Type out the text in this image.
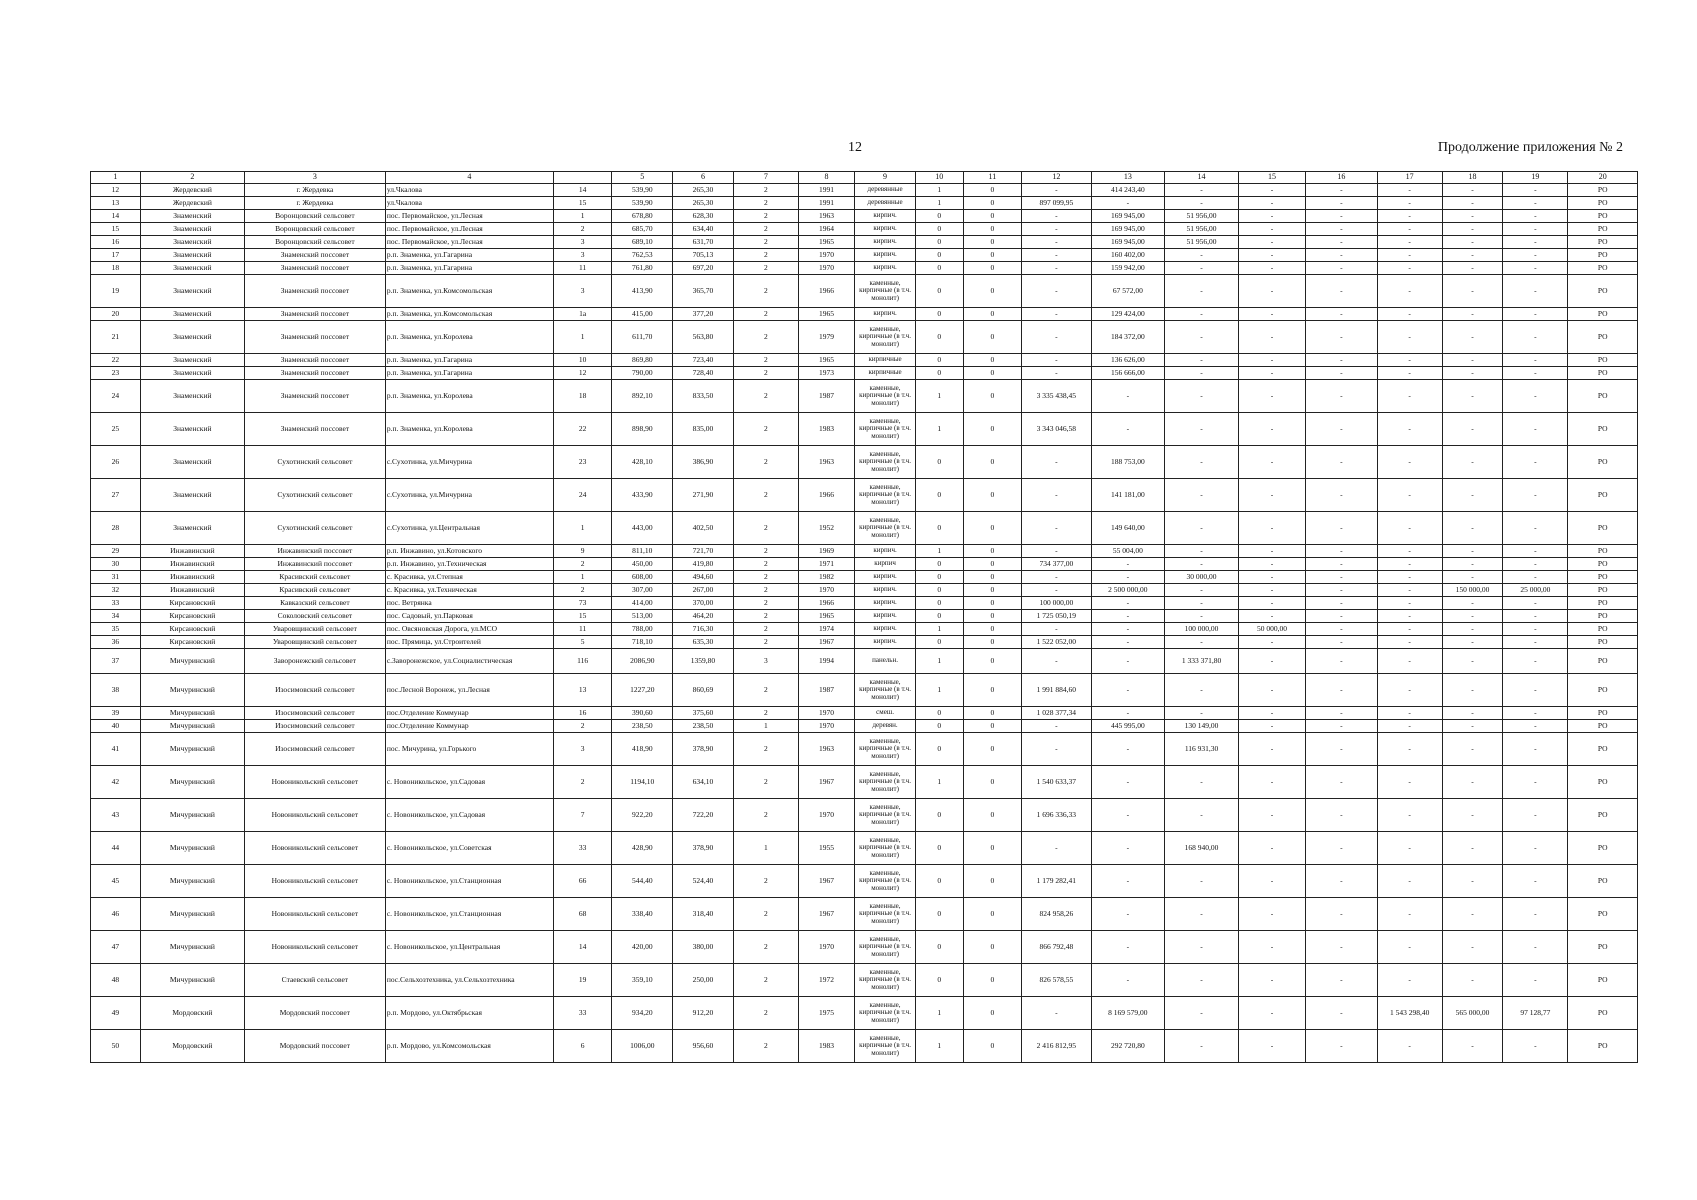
12	Продолжение приложения № 2
1	2	3	4		5	6	7	8	9	10	11	12	13	14	15	16	17	18	19	20
12	Жердевский	г. Жердевка	ул.Чкалова	14	539,90	265,30	2	1991	деревянные	1	0	-	414 243,40	-	-	-	-	-	-	РО
13	Жердевский	г. Жердевка	ул.Чкалова	15	539,90	265,30	2	1991	деревянные	1	0	897 099,95	-	-	-	-	-	-	-	РО
14	Знаменский	Воронцовский сельсовет	пос. Первомайское, ул.Лесная	1	678,80	628,30	2	1963	кирпич.	0	0	-	169 945,00	51 956,00	-	-	-	-	-	РО
15	Знаменский	Воронцовский сельсовет	пос. Первомайское, ул.Лесная	2	685,70	634,40	2	1964	кирпич.	0	0	-	169 945,00	51 956,00	-	-	-	-	-	РО
16	Знаменский	Воронцовский сельсовет	пос. Первомайское, ул.Лесная	3	689,10	631,70	2	1965	кирпич.	0	0	-	169 945,00	51 956,00	-	-	-	-	-	РО
17	Знаменский	Знаменский поссовет	р.п. Знаменка, ул.Гагарина	3	762,53	705,13	2	1970	кирпич.	0	0	-	160 402,00	-	-	-	-	-	-	РО
18	Знаменский	Знаменский поссовет	р.п. Знаменка, ул.Гагарина	11	761,80	697,20	2	1970	кирпич.	0	0	-	159 942,00	-	-	-	-	-	-	РО
19	Знаменский	Знаменский поссовет	р.п. Знаменка, ул.Комсомольская	3	413,90	365,70	2	1966	каменные, кирпичные (в т.ч. монолит)	0	0	-	67 572,00	-	-	-	-	-	-	РО
20	Знаменский	Знаменский поссовет	р.п. Знаменка, ул.Комсомольская	1а	415,00	377,20	2	1965	кирпич.	0	0	-	129 424,00	-	-	-	-	-	-	РО
21	Знаменский	Знаменский поссовет	р.п. Знаменка, ул.Королева	1	611,70	563,80	2	1979	каменные, кирпичные (в т.ч. монолит)	0	0	-	184 372,00	-	-	-	-	-	-	РО
22	Знаменский	Знаменский поссовет	р.п. Знаменка, ул.Гагарина	10	869,80	723,40	2	1965	кирпичные	0	0	-	136 626,00	-	-	-	-	-	-	РО
23	Знаменский	Знаменский поссовет	р.п. Знаменка, ул.Гагарина	12	790,00	728,40	2	1973	кирпичные	0	0	-	156 666,00	-	-	-	-	-	-	РО
24	Знаменский	Знаменский поссовет	р.п. Знаменка, ул.Королева	18	892,10	833,50	2	1987	каменные, кирпичные (в т.ч. монолит)	1	0	3 335 438,45	-	-	-	-	-	-	-	РО
25	Знаменский	Знаменский поссовет	р.п. Знаменка, ул.Королева	22	898,90	835,00	2	1983	каменные, кирпичные (в т.ч. монолит)	1	0	3 343 046,58	-	-	-	-	-	-	-	РО
26	Знаменский	Сухотинский сельсовет	с.Сухотинка, ул.Мичурина	23	428,10	386,90	2	1963	каменные, кирпичные (в т.ч. монолит)	0	0	-	188 753,00	-	-	-	-	-	-	РО
27	Знаменский	Сухотинский сельсовет	с.Сухотинка, ул.Мичурина	24	433,90	271,90	2	1966	каменные, кирпичные (в т.ч. монолит)	0	0	-	141 181,00	-	-	-	-	-	-	РО
28	Знаменский	Сухотинский сельсовет	с.Сухотинка, ул.Центральная	1	443,00	402,50	2	1952	каменные, кирпичные (в т.ч. монолит)	0	0	-	149 640,00	-	-	-	-	-	-	РО
29	Инжавинский	Инжавинский поссовет	р.п. Инжавино, ул.Котовского	9	811,10	721,70	2	1969	кирпич.	1	0	-	55 004,00	-	-	-	-	-	-	РО
30	Инжавинский	Инжавинский поссовет	р.п. Инжавино, ул.Техническая	2	450,00	419,80	2	1971	кирпич	0	0	734 377,00	-	-	-	-	-	-	-	РО
31	Инжавинский	Красивский сельсовет	с. Красивка, ул.Степная	1	608,00	494,60	2	1982	кирпич.	0	0	-	-	30 000,00	-	-	-	-	-	РО
32	Инжавинский	Красивский сельсовет	с. Красивка, ул.Техническая	2	307,00	267,00	2	1970	кирпич.	0	0	-	2 500 000,00	-	-	-	-	150 000,00	25 000,00	РО
33	Кирсановский	Кавказский сельсовет	пос. Ветрянка	73	414,00	370,00	2	1966	кирпич.	0	0	100 000,00	-	-	-	-	-	-	-	РО
34	Кирсановский	Соколовский сельсовет	пос. Садовый, ул.Парковая	15	513,00	464,20	2	1965	кирпич.	0	0	1 725 050,19	-	-	-	-	-	-	-	РО
35	Кирсановский	Уваровщинский сельсовет	пос. Овсяновская Дорога, ул.МСО	11	788,00	716,30	2	1974	кирпич.	1	0	-	-	100 000,00	50 000,00	-	-	-	-	РО
36	Кирсановский	Уваровщинский сельсовет	пос. Прямица, ул.Строителей	5	718,10	635,30	2	1967	кирпич.	0	0	1 522 052,00	-	-	-	-	-	-	-	РО
37	Мичуринский	Заворонежский сельсовет	с.Заворонежское, ул.Социалистическая	116	2086,90	1359,80	3	1994	панельн.	1	0	-	-	1 333 371,80	-	-	-	-	-	РО
38	Мичуринский	Изосимовский сельсовет	пос.Лесной Воронеж, ул.Лесная	13	1227,20	860,69	2	1987	каменные, кирпичные (в т.ч. монолит)	1	0	1 991 884,60	-	-	-	-	-	-	-	РО
39	Мичуринский	Изосимовский сельсовет	пос.Отделение Коммунар	16	390,60	375,60	2	1970	смеш.	0	0	1 028 377,34	-	-	-	-	-	-	-	РО
40	Мичуринский	Изосимовский сельсовет	пос.Отделение Коммунар	2	238,50	238,50	1	1970	деревян.	0	0	-	445 995,00	130 149,00	-	-	-	-	-	РО
41	Мичуринский	Изосимовский сельсовет	пос. Мичурина, ул.Горького	3	418,90	378,90	2	1963	каменные, кирпичные (в т.ч. монолит)	0	0	-	-	116 931,30	-	-	-	-	-	РО
42	Мичуринский	Новоникольский сельсовет	с. Новоникольское, ул.Садовая	2	1194,10	634,10	2	1967	каменные, кирпичные (в т.ч. монолит)	1	0	1 540 633,37	-	-	-	-	-	-	-	РО
43	Мичуринский	Новоникольский сельсовет	с. Новоникольское, ул.Садовая	7	922,20	722,20	2	1970	каменные, кирпичные (в т.ч. монолит)	0	0	1 696 336,33	-	-	-	-	-	-	-	РО
44	Мичуринский	Новоникольский сельсовет	с. Новоникольское, ул.Советская	33	428,90	378,90	1	1955	каменные, кирпичные (в т.ч. монолит)	0	0	-	-	168 940,00	-	-	-	-	-	РО
45	Мичуринский	Новоникольский сельсовет	с. Новоникольское, ул.Станционная	66	544,40	524,40	2	1967	каменные, кирпичные (в т.ч. монолит)	0	0	1 179 282,41	-	-	-	-	-	-	-	РО
46	Мичуринский	Новоникольский сельсовет	с. Новоникольское, ул.Станционная	68	338,40	318,40	2	1967	каменные, кирпичные (в т.ч. монолит)	0	0	824 958,26	-	-	-	-	-	-	-	РО
47	Мичуринский	Новоникольский сельсовет	с. Новоникольское, ул.Центральная	14	420,00	380,00	2	1970	каменные, кирпичные (в т.ч. монолит)	0	0	866 792,48	-	-	-	-	-	-	-	РО
48	Мичуринский	Стаевский сельсовет	пос.Сельхозтехника, ул.Сельхозтехника	19	359,10	250,00	2	1972	каменные, кирпичные (в т.ч. монолит)	0	0	826 578,55	-	-	-	-	-	-	-	РО
49	Мордовский	Мордовский поссовет	р.п. Мордово, ул.Октябрьская	33	934,20	912,20	2	1975	каменные, кирпичные (в т.ч. монолит)	1	0	-	8 169 579,00	-	-	-	1 543 298,40	565 000,00	97 128,77	РО
50	Мордовский	Мордовский поссовет	р.п. Мордово, ул.Комсомольская	6	1006,00	956,60	2	1983	каменные, кирпичные (в т.ч. монолит)	1	0	2 416 812,95	292 720,80	-	-	-	-	-	-	РО
